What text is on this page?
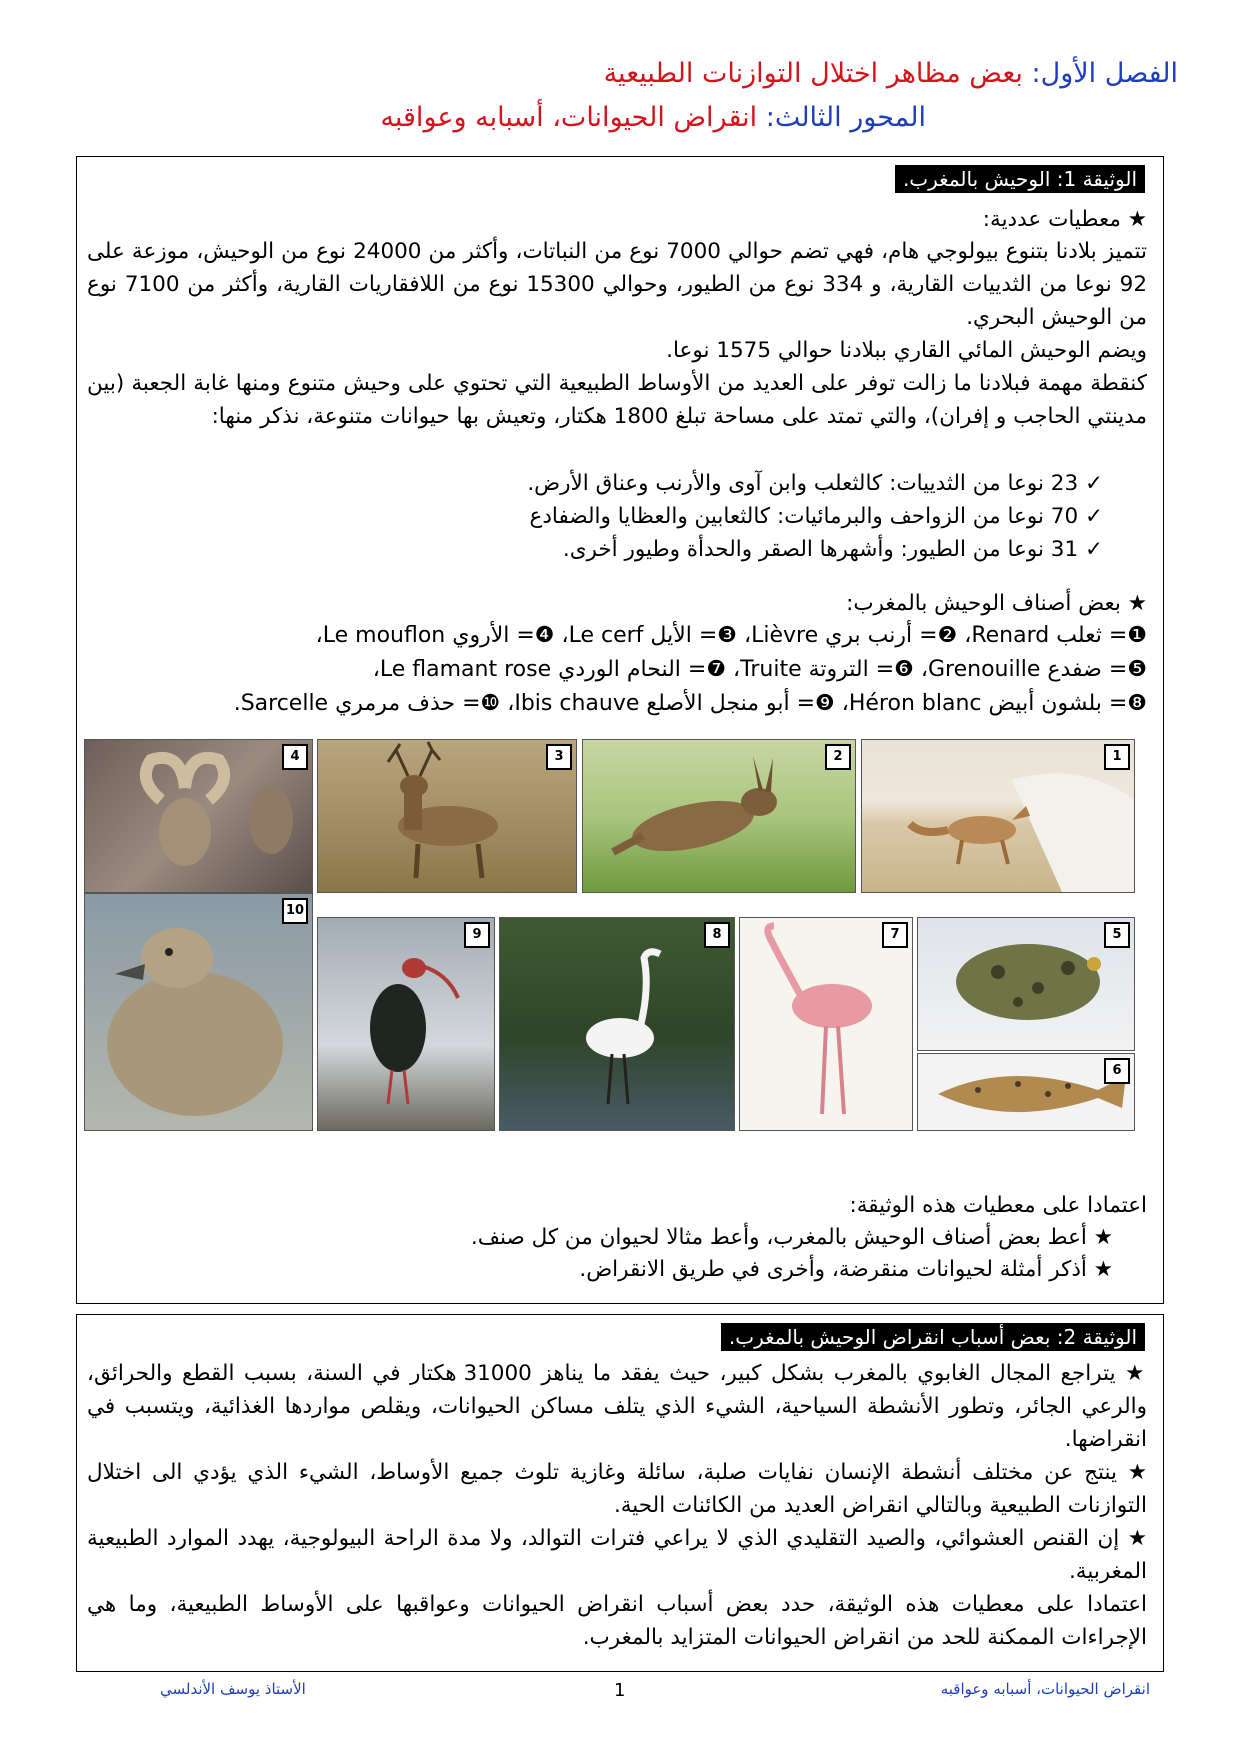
الفصل الأول: بعض مظاهر اختلال التوازنات الطبيعية
المحور الثالث: انقراض الحيوانات، أسبابه وعواقبه
الوثيقة 1: الوحيش بالمغرب.
★ معطيات عددية:
تتميز بلادنا بتنوع بيولوجي هام، فهي تضم حوالي 7000 نوع من النباتات، وأكثر من 24000 نوع من الوحيش، موزعة على 92 نوعا من الثدييات القارية، و 334 نوع من الطيور، وحوالي 15300 نوع من اللافقاريات القارية، وأكثر من 7100 نوع من الوحيش البحري.
ويضم الوحيش المائي القاري ببلادنا حوالي 1575 نوعا.
كنقطة مهمة فبلادنا ما زالت توفر على العديد من الأوساط الطبيعية التي تحتوي على وحيش متنوع ومنها غابة الجعبة (بين مدينتي الحاجب و إفران)، والتي تمتد على مساحة تبلغ 1800 هكتار، وتعيش بها حيوانات متنوعة، نذكر منها:
✓ 23 نوعا من الثدييات: كالثعلب وابن آوى والأرنب وعناق الأرض.
✓ 70 نوعا من الزواحف والبرمائيات: كالثعابين والعظايا والضفادع
✓ 31 نوعا من الطيور: وأشهرها الصقر والحدأة وطيور أخرى.
★ بعض أصناف الوحيش بالمغرب:
❶= ثعلب Renard، ❷= أرنب بري Lièvre، ❸= الأيل Le cerf، ❹= الأروي Le mouflon،
❺= ضفدع Grenouille، ❻= التروتة Truite، ❼= النحام الوردي Le flamant rose،
❽= بلشون أبيض Héron blanc، ❾= أبو منجل الأصلع Ibis chauve، ❿= حذف مرمري Sarcelle.
1
2
3
4
5
6
7
8
9
10
اعتمادا على معطيات هذه الوثيقة:
★ أعط بعض أصناف الوحيش بالمغرب، وأعط مثالا لحيوان من كل صنف.
★ أذكر أمثلة لحيوانات منقرضة، وأخرى في طريق الانقراض.
الوثيقة 2: بعض أسباب انقراض الوحيش بالمغرب.
★ يتراجع المجال الغابوي بالمغرب بشكل كبير، حيث يفقد ما يناهز 31000 هكتار في السنة، بسبب القطع والحرائق، والرعي الجائر، وتطور الأنشطة السياحية، الشيء الذي يتلف مساكن الحيوانات، ويقلص مواردها الغذائية، ويتسبب في انقراضها.
★ ينتج عن مختلف أنشطة الإنسان نفايات صلبة، سائلة وغازية تلوث جميع الأوساط، الشيء الذي يؤدي الى اختلال التوازنات الطبيعية وبالتالي انقراض العديد من الكائنات الحية.
★ إن القنص العشوائي، والصيد التقليدي الذي لا يراعي فترات التوالد، ولا مدة الراحة البيولوجية، يهدد الموارد الطبيعية المغربية.
اعتمادا على معطيات هذه الوثيقة، حدد بعض أسباب انقراض الحيوانات وعواقبها على الأوساط الطبيعية، وما هي الإجراءات الممكنة للحد من انقراض الحيوانات المتزايد بالمغرب.
الأستاذ يوسف الأندلسي	1	انقراض الحيوانات، أسبابه وعواقبه
